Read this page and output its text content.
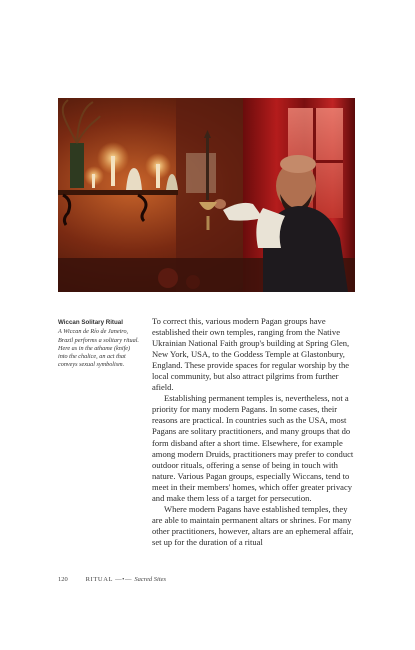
Wiccan Solitary Ritual
A Wiccan de Río de Janeiro, Brazil performs a solitary ritual. Here as in the athame (knife) into the chalice, an act that conveys sexual symbolism.

To correct this, various modern Pagan groups have established their own temples, ranging from the Native Ukrainian National Faith group's building at Spring Glen, New York, USA, to the Goddess Temple at Glastonbury, England. These provide spaces for regular worship by the local community, but also attract pilgrims from further afield.

Establishing permanent temples is, nevertheless, not a priority for many modern Pagans. In some cases, their reasons are practical. In countries such as the USA, most Pagans are solitary practitioners, and many groups that do form disband after a short time. Elsewhere, for example among modern Druids, practitioners may prefer to conduct outdoor rituals, offering a sense of being in touch with nature. Various Pagan groups, especially Wiccans, tend to meet in their members' homes, which offer greater privacy and make them less of a target for persecution.

Where modern Pagans have established temples, they are able to maintain permanent altars or shrines. For many other practitioners, however, altars are an ephemeral affair, set up for the duration of a ritual

120	RITUAL —•— Sacred Sites
